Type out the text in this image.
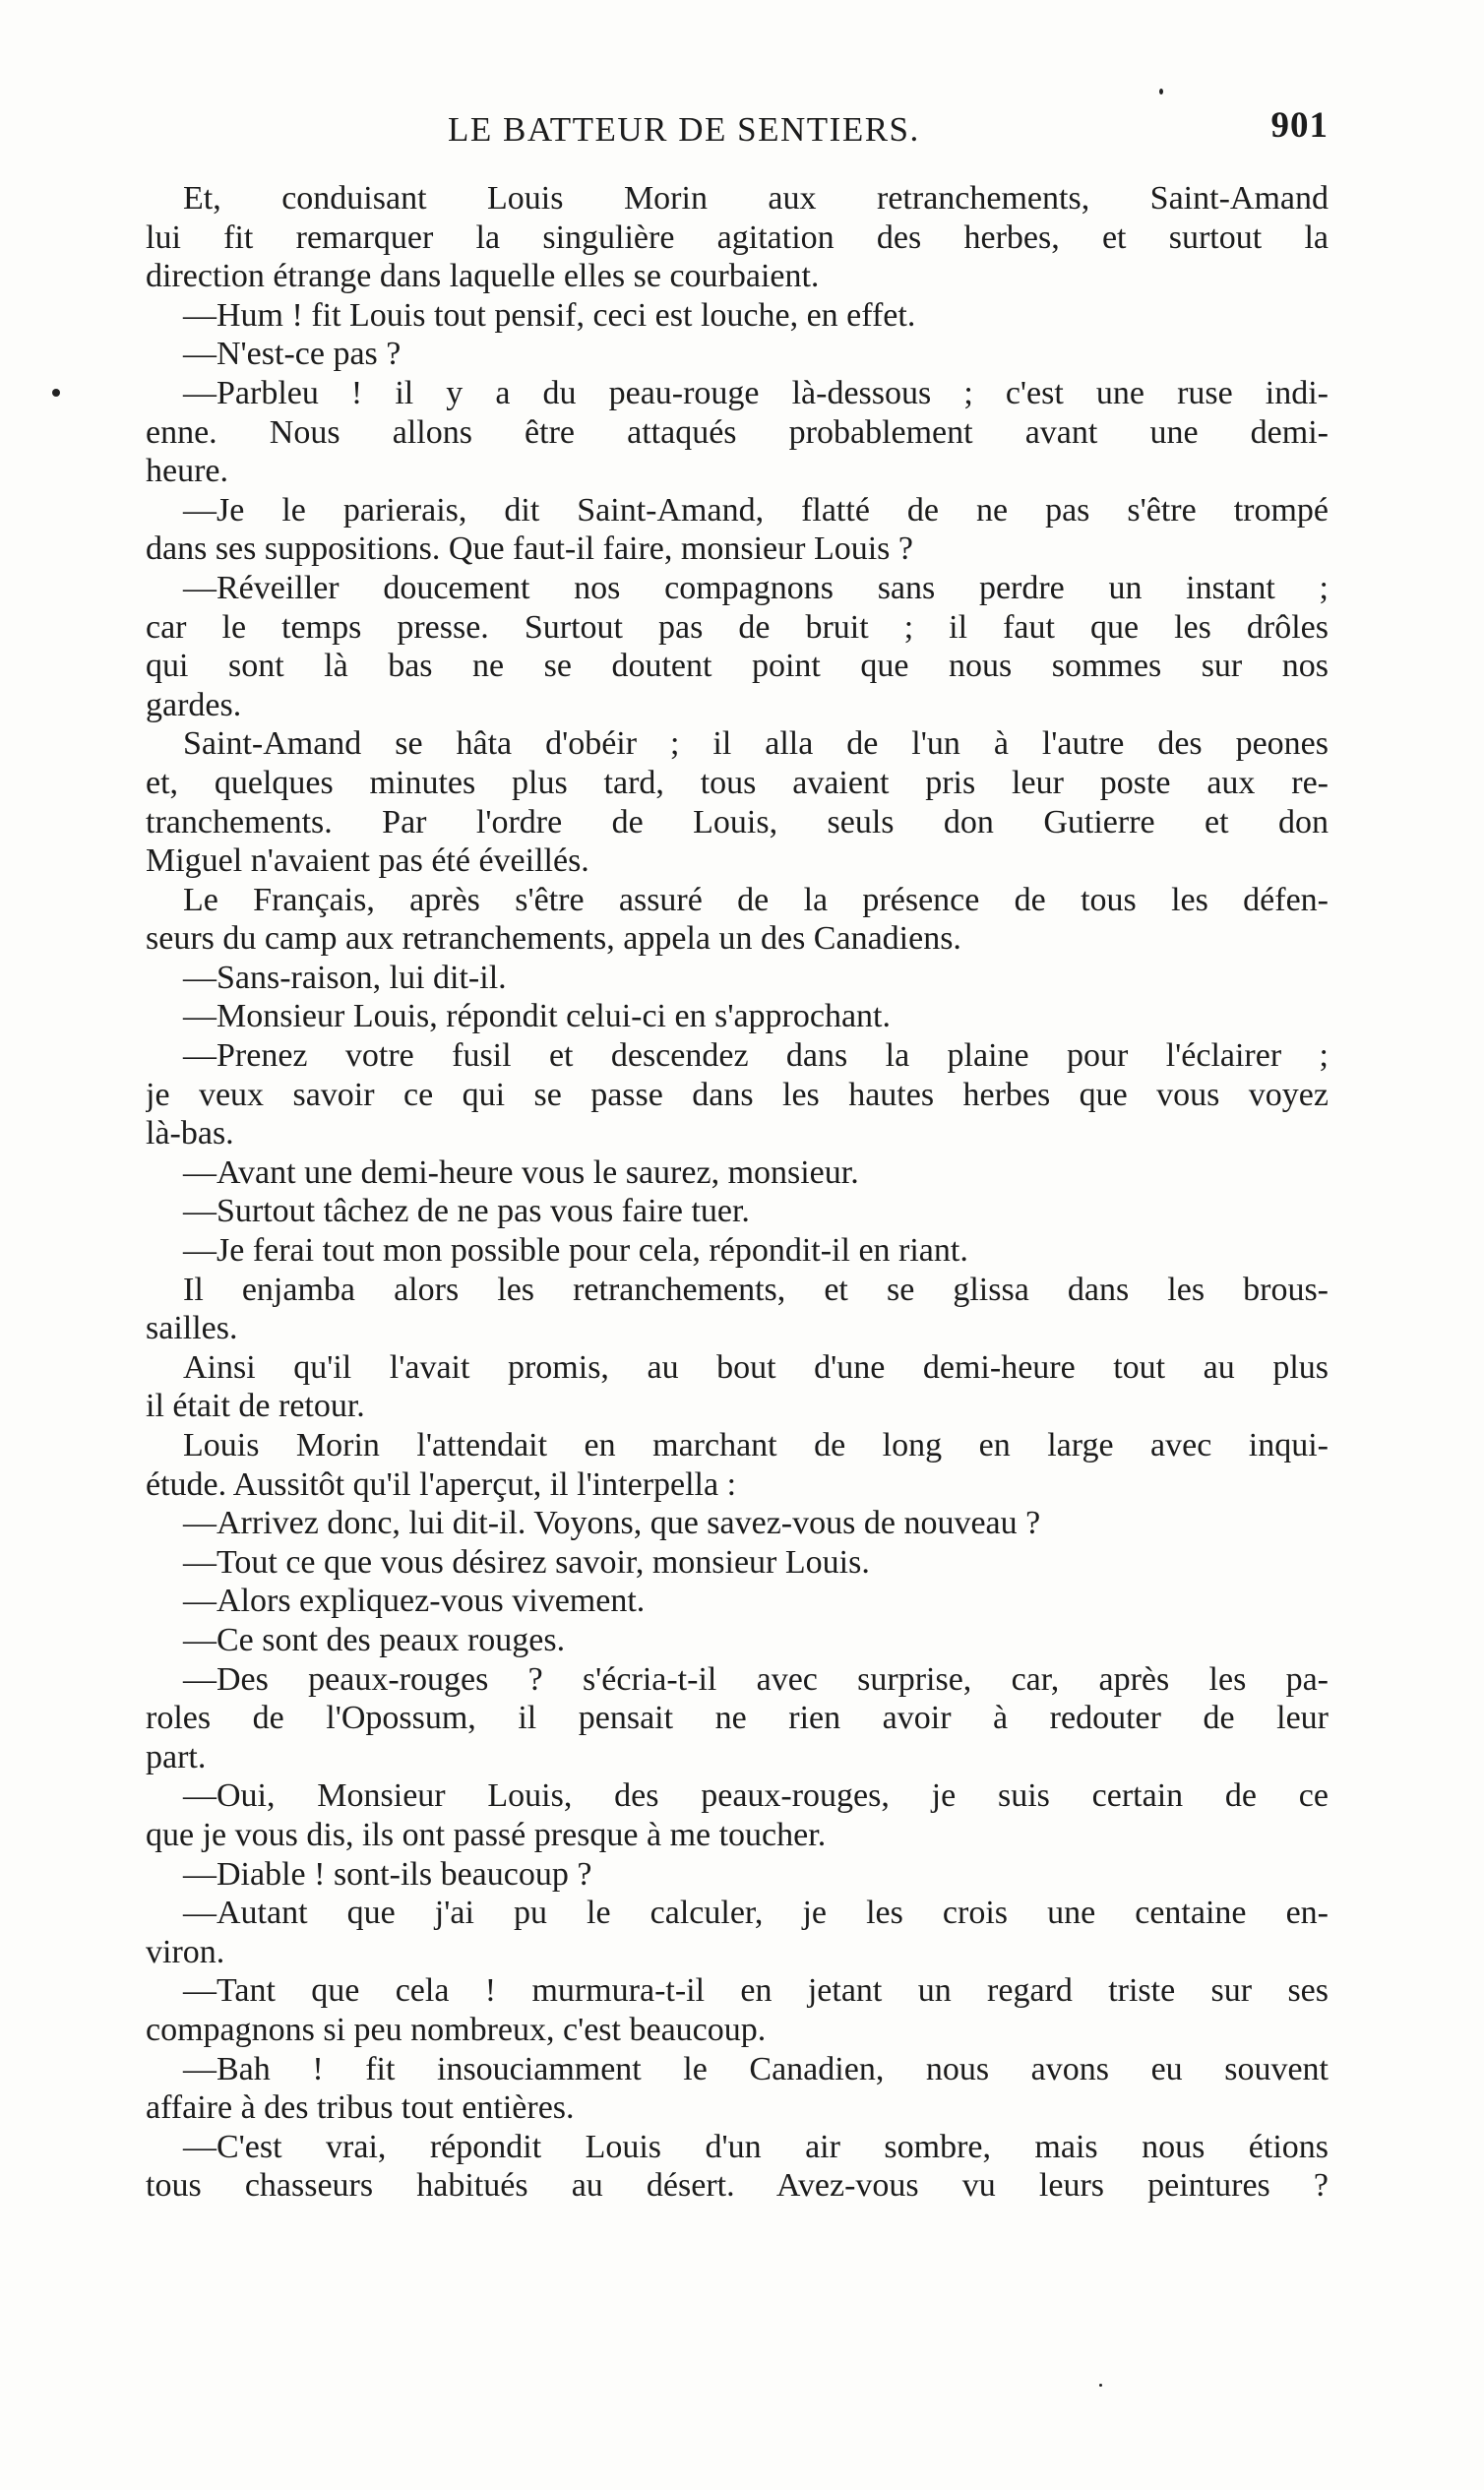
LE BATTEUR DE SENTIERS.	901
Et, conduisant Louis Morin aux retranchements, Saint-Amand
lui fit remarquer la singulière agitation des herbes, et surtout la
direction étrange dans laquelle elles se courbaient.
—Hum ! fit Louis tout pensif, ceci est louche, en effet.
—N'est-ce pas ?
—Parbleu ! il y a du peau-rouge là-dessous ; c'est une ruse indi-
enne. Nous allons être attaqués probablement avant une demi-
heure.
—Je le parierais, dit Saint-Amand, flatté de ne pas s'être trompé
dans ses suppositions. Que faut-il faire, monsieur Louis ?
—Réveiller doucement nos compagnons sans perdre un instant ;
car le temps presse. Surtout pas de bruit ; il faut que les drôles
qui sont là bas ne se doutent point que nous sommes sur nos
gardes.
Saint-Amand se hâta d'obéir ; il alla de l'un à l'autre des peones
et, quelques minutes plus tard, tous avaient pris leur poste aux re-
tranchements. Par l'ordre de Louis, seuls don Gutierre et don
Miguel n'avaient pas été éveillés.
Le Français, après s'être assuré de la présence de tous les défen-
seurs du camp aux retranchements, appela un des Canadiens.
—Sans-raison, lui dit-il.
—Monsieur Louis, répondit celui-ci en s'approchant.
—Prenez votre fusil et descendez dans la plaine pour l'éclairer ;
je veux savoir ce qui se passe dans les hautes herbes que vous voyez
là-bas.
—Avant une demi-heure vous le saurez, monsieur.
—Surtout tâchez de ne pas vous faire tuer.
—Je ferai tout mon possible pour cela, répondit-il en riant.
Il enjamba alors les retranchements, et se glissa dans les brous-
sailles.
Ainsi qu'il l'avait promis, au bout d'une demi-heure tout au plus
il était de retour.
Louis Morin l'attendait en marchant de long en large avec inqui-
étude. Aussitôt qu'il l'aperçut, il l'interpella :
—Arrivez donc, lui dit-il. Voyons, que savez-vous de nouveau ?
—Tout ce que vous désirez savoir, monsieur Louis.
—Alors expliquez-vous vivement.
—Ce sont des peaux rouges.
—Des peaux-rouges ? s'écria-t-il avec surprise, car, après les pa-
roles de l'Opossum, il pensait ne rien avoir à redouter de leur
part.
—Oui, Monsieur Louis, des peaux-rouges, je suis certain de ce
que je vous dis, ils ont passé presque à me toucher.
—Diable ! sont-ils beaucoup ?
—Autant que j'ai pu le calculer, je les crois une centaine en-
viron.
—Tant que cela ! murmura-t-il en jetant un regard triste sur ses
compagnons si peu nombreux, c'est beaucoup.
—Bah ! fit insouciamment le Canadien, nous avons eu souvent
affaire à des tribus tout entières.
—C'est vrai, répondit Louis d'un air sombre, mais nous étions
tous chasseurs habitués au désert. Avez-vous vu leurs peintures ?
